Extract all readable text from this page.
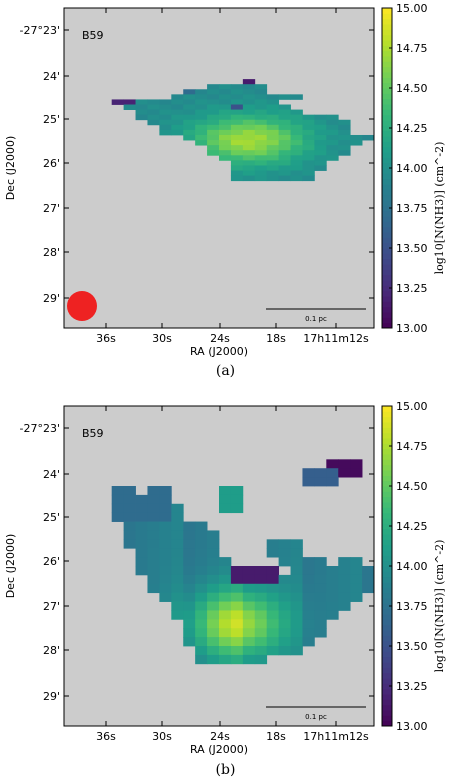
B59
-27°23'
24'
25'
26'
27'
28'
29'
36s	30s	24s	18s 17h11m12s
RA (J2000)
Dec (J2000)
0.1 pc
13.00
13.25
13.50
13.75
14.00
14.25
14.50
14.75
15.00
log10[N(NH3)] (cm^-2)
(a)
B59
-27°23'
24'
25'
26'
27'
28'
29'
36s	30s	24s	18s 17h11m12s
RA (J2000)
Dec (J2000)
0.1 pc
13.00
13.25
13.50
13.75
14.00
14.25
14.50
14.75
15.00
log10[N(NH3)] (cm^-2)
(b)
